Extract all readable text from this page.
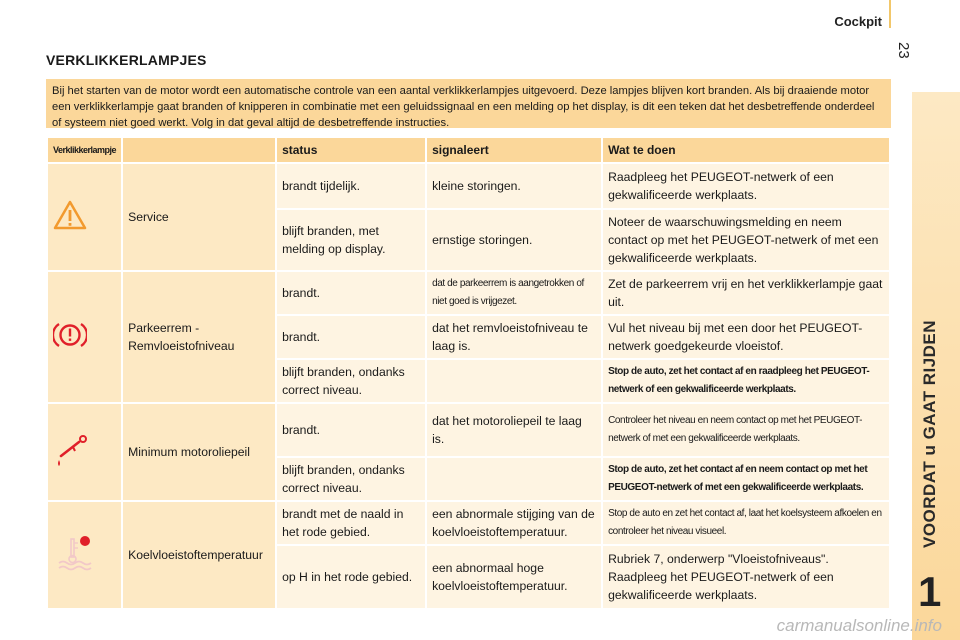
Cockpit
23
VOORDAT u GAAT RIJDEN
1
VERKLIKKERLAMPJES
Bij het starten van de motor wordt een automatische controle van een aantal verklikkerlampjes uitgevoerd. Deze lampjes blijven kort branden. Als bij draaiende motor een verklikkerlampje gaat branden of knipperen in combinatie met een geluidssignaal en een melding op het display, is dit een teken dat het desbetreffende onderdeel of systeem niet goed werkt. Volg in dat geval altijd de desbetreffende instructies.
Verklikkerlampje		status	signaleert	Wat te doen
	Service	brandt tijdelijk.	kleine storingen.	Raadpleeg het PEUGEOT-netwerk of een gekwalificeerde werkplaats.
		blijft branden, met melding op display.	ernstige storingen.	Noteer de waarschuwingsmelding en neem contact op met het PEUGEOT-netwerk of met een gekwalificeerde werkplaats.
	Parkeerrem - Remvloeistofniveau	brandt.	dat de parkeerrem is aangetrokken of niet goed is vrijgezet.	Zet de parkeerrem vrij en het verklikkerlampje gaat uit.
		brandt.	dat het remvloeistofniveau te laag is.	Vul het niveau bij met een door het PEUGEOT-netwerk goedgekeurde vloeistof.
		blijft branden, ondanks correct niveau.		Stop de auto, zet het contact af en raadpleeg het PEUGEOT-netwerk of een gekwalificeerde werkplaats.
	Minimum motoroliepeil	brandt.	dat het motoroliepeil te laag is.	Controleer het niveau en neem contact op met het PEUGEOT-netwerk of met een gekwalificeerde werkplaats.
		blijft branden, ondanks correct niveau.		Stop de auto, zet het contact af en neem contact op met het PEUGEOT-netwerk of met een gekwalificeerde werkplaats.
	Koelvloeistoftemperatuur	brandt met de naald in het rode gebied.	een abnormale stijging van de koelvloeistoftemperatuur.	Stop de auto en zet het contact af, laat het koelsysteem afkoelen en controleer het niveau visueel.
		op H in het rode gebied.	een abnormaal hoge koelvloeistoftemperatuur.	Rubriek 7, onderwerp "Vloeistofniveaus". Raadpleeg het PEUGEOT-netwerk of een gekwalificeerde werkplaats.
carmanualsonline.info
